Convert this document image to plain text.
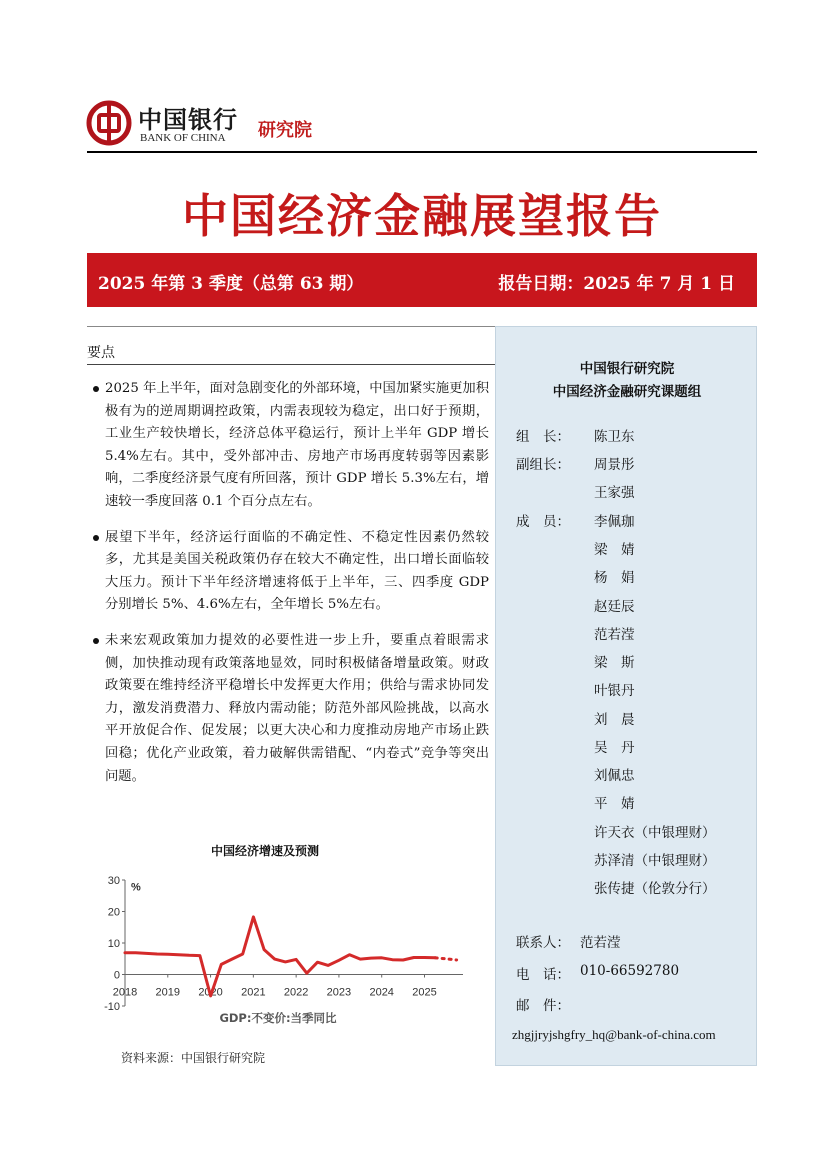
中国银行
BANK OF CHINA 研究院
中国经济金融展望报告
2025 年第 3 季度（总第 63 期）	报告日期：2025 年 7 月 1 日
要点
2025 年上半年，面对急剧变化的外部环境，中国加紧实施更加积极有为的逆周期调控政策，内需表现较为稳定，出口好于预期，工业生产较快增长，经济总体平稳运行，预计上半年 GDP 增长 5.4%左右。其中，受外部冲击、房地产市场再度转弱等因素影响，二季度经济景气度有所回落，预计 GDP 增长 5.3%左右，增速较一季度回落 0.1 个百分点左右。
展望下半年，经济运行面临的不确定性、不稳定性因素仍然较多，尤其是美国关税政策仍存在较大不确定性，出口增长面临较大压力。预计下半年经济增速将低于上半年，三、四季度 GDP 分别增长 5%、4.6%左右，全年增长 5%左右。
未来宏观政策加力提效的必要性进一步上升，要重点着眼需求侧，加快推动现有政策落地显效，同时积极储备增量政策。财政政策要在维持经济平稳增长中发挥更大作用；供给与需求协同发力，激发消费潜力、释放内需动能；防范外部风险挑战，以高水平开放促合作、促发展；以更大决心和力度推动房地产市场止跌回稳；优化产业政策，着力破解供需错配、“内卷式”竞争等突出问题。
中国经济增速及预测
30
20
10
0
-10
%
2018 2019 2020 2021 2022 2023 2024 2025
GDP:不变价:当季同比
资料来源：中国银行研究院
中国银行研究院
中国经济金融研究课题组
组　长： 陈卫东
副组长： 周景彤
王家强
成　员： 李佩珈
梁　婧
杨　娟
赵廷辰
范若滢
梁　斯
叶银丹
刘　晨
吴　丹
刘佩忠
平　婧
许天衣（中银理财）
苏泽清（中银理财）
张传捷（伦敦分行）
联系人： 范若滢
电　话： 010-66592780
邮　件：
zhgjjryjshgfry_hq@bank-of-china.com
